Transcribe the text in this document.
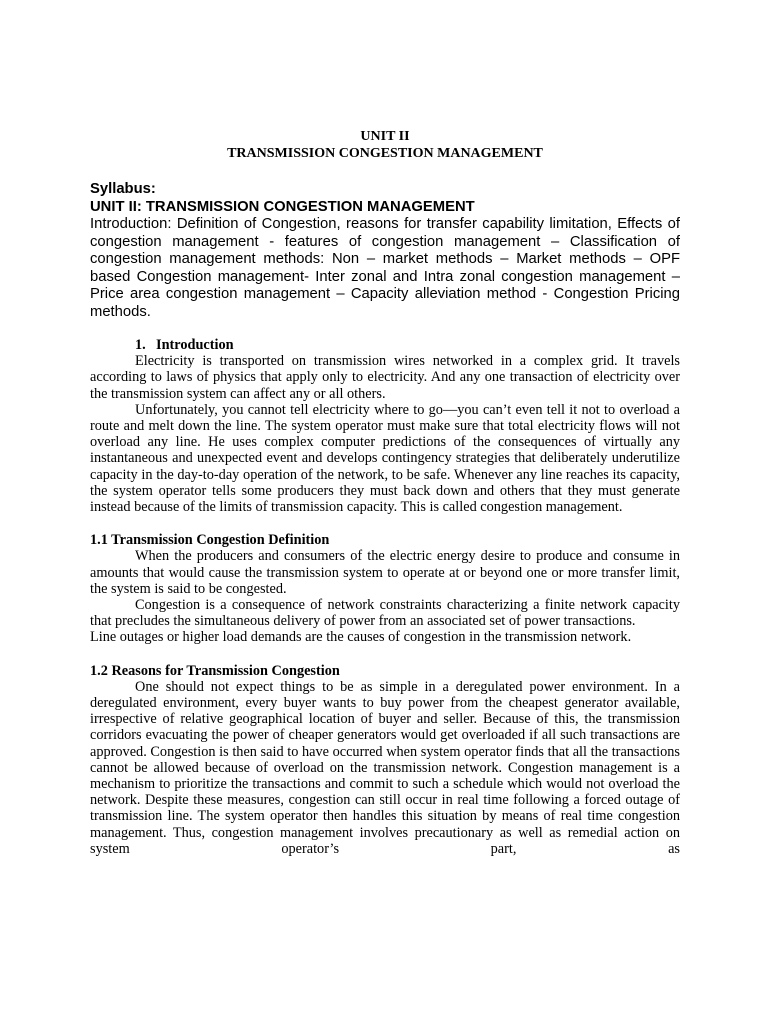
UNIT II
TRANSMISSION CONGESTION MANAGEMENT
Syllabus:
UNIT II: TRANSMISSION CONGESTION MANAGEMENT

Introduction: Definition of Congestion, reasons for transfer capability limitation, Effects of congestion management - features of congestion management – Classification of congestion management methods: Non – market methods – Market methods – OPF based Congestion management- Inter zonal and Intra zonal congestion management – Price area congestion management – Capacity alleviation method - Congestion Pricing methods.

1. Introduction

Electricity is transported on transmission wires networked in a complex grid. It travels according to laws of physics that apply only to electricity. And any one transaction of electricity over the transmission system can affect any or all others.

Unfortunately, you cannot tell electricity where to go—you can’t even tell it not to overload a route and melt down the line. The system operator must make sure that total electricity flows will not overload any line. He uses complex computer predictions of the consequences of virtually any instantaneous and unexpected event and develops contingency strategies that deliberately underutilize capacity in the day-to-day operation of the network, to be safe. Whenever any line reaches its capacity, the system operator tells some producers they must back down and others that they must generate instead because of the limits of transmission capacity. This is called congestion management.

1.1 Transmission Congestion Definition

When the producers and consumers of the electric energy desire to produce and consume in amounts that would cause the transmission system to operate at or beyond one or more transfer limit, the system is said to be congested.

Congestion is a consequence of network constraints characterizing a finite network capacity that precludes the simultaneous delivery of power from an associated set of power transactions.

Line outages or higher load demands are the causes of congestion in the transmission network.

1.2 Reasons for Transmission Congestion

One should not expect things to be as simple in a deregulated power environment. In a deregulated environment, every buyer wants to buy power from the cheapest generator available, irrespective of relative geographical location of buyer and seller. Because of this, the transmission corridors evacuating the power of cheaper generators would get overloaded if all such transactions are approved. Congestion is then said to have occurred when system operator finds that all the transactions cannot be allowed because of overload on the transmission network. Congestion management is a mechanism to prioritize the transactions and commit to such a schedule which would not overload the network. Despite these measures, congestion can still occur in real time following a forced outage of transmission line. The system operator then handles this situation by means of real time congestion management. Thus, congestion management involves precautionary as well as remedial action on system operator’s part, as
